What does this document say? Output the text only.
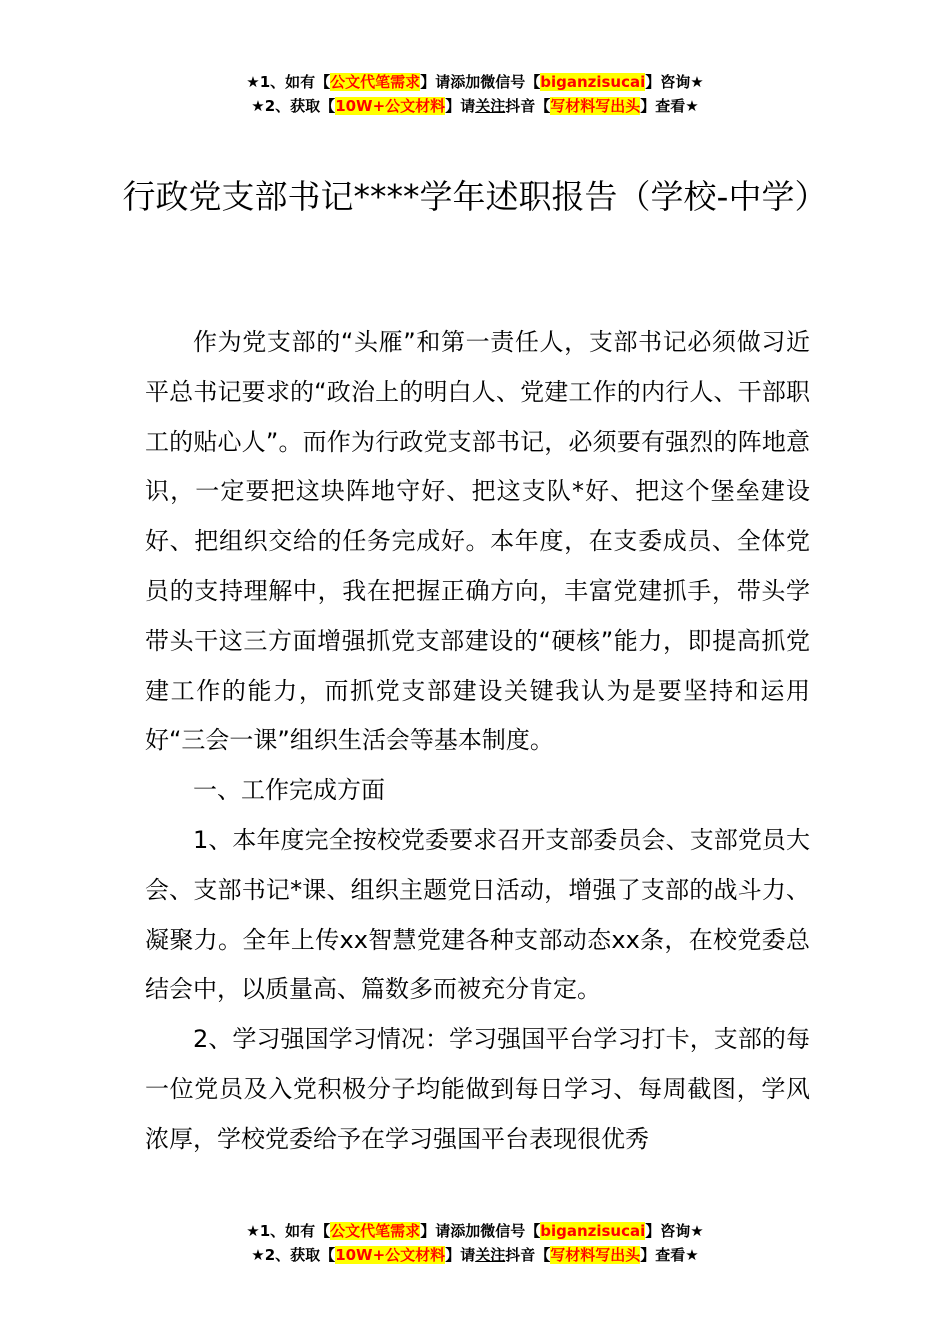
★1、如有【公文代笔需求】请添加微信号【biganzisucai】咨询★
★2、获取【10W+公文材料】请关注抖音【写材料写出头】查看★
行政党支部书记****学年述职报告（学校-中学）

作为党支部的“头雁”和第一责任人，支部书记必须做习近平总书记要求的“政治上的明白人、党建工作的内行人、干部职工的贴心人”。而作为行政党支部书记，必须要有强烈的阵地意识，一定要把这块阵地守好、把这支队*好、把这个堡垒建设好、把组织交给的任务完成好。本年度，在支委成员、全体党员的支持理解中，我在把握正确方向，丰富党建抓手，带头学带头干这三方面增强抓党支部建设的“硬核”能力，即提高抓党建工作的能力，而抓党支部建设关键我认为是要坚持和运用好“三会一课”组织生活会等基本制度。

一、工作完成方面

1、本年度完全按校党委要求召开支部委员会、支部党员大会、支部书记*课、组织主题党日活动，增强了支部的战斗力、凝聚力。全年上传xx智慧党建各种支部动态xx条，在校党委总结会中，以质量高、篇数多而被充分肯定。

2、学习强国学习情况：学习强国平台学习打卡，支部的每一位党员及入党积极分子均能做到每日学习、每周截图，学风浓厚，学校党委给予在学习强国平台表现很优秀

★1、如有【公文代笔需求】请添加微信号【biganzisucai】咨询★
★2、获取【10W+公文材料】请关注抖音【写材料写出头】查看★
